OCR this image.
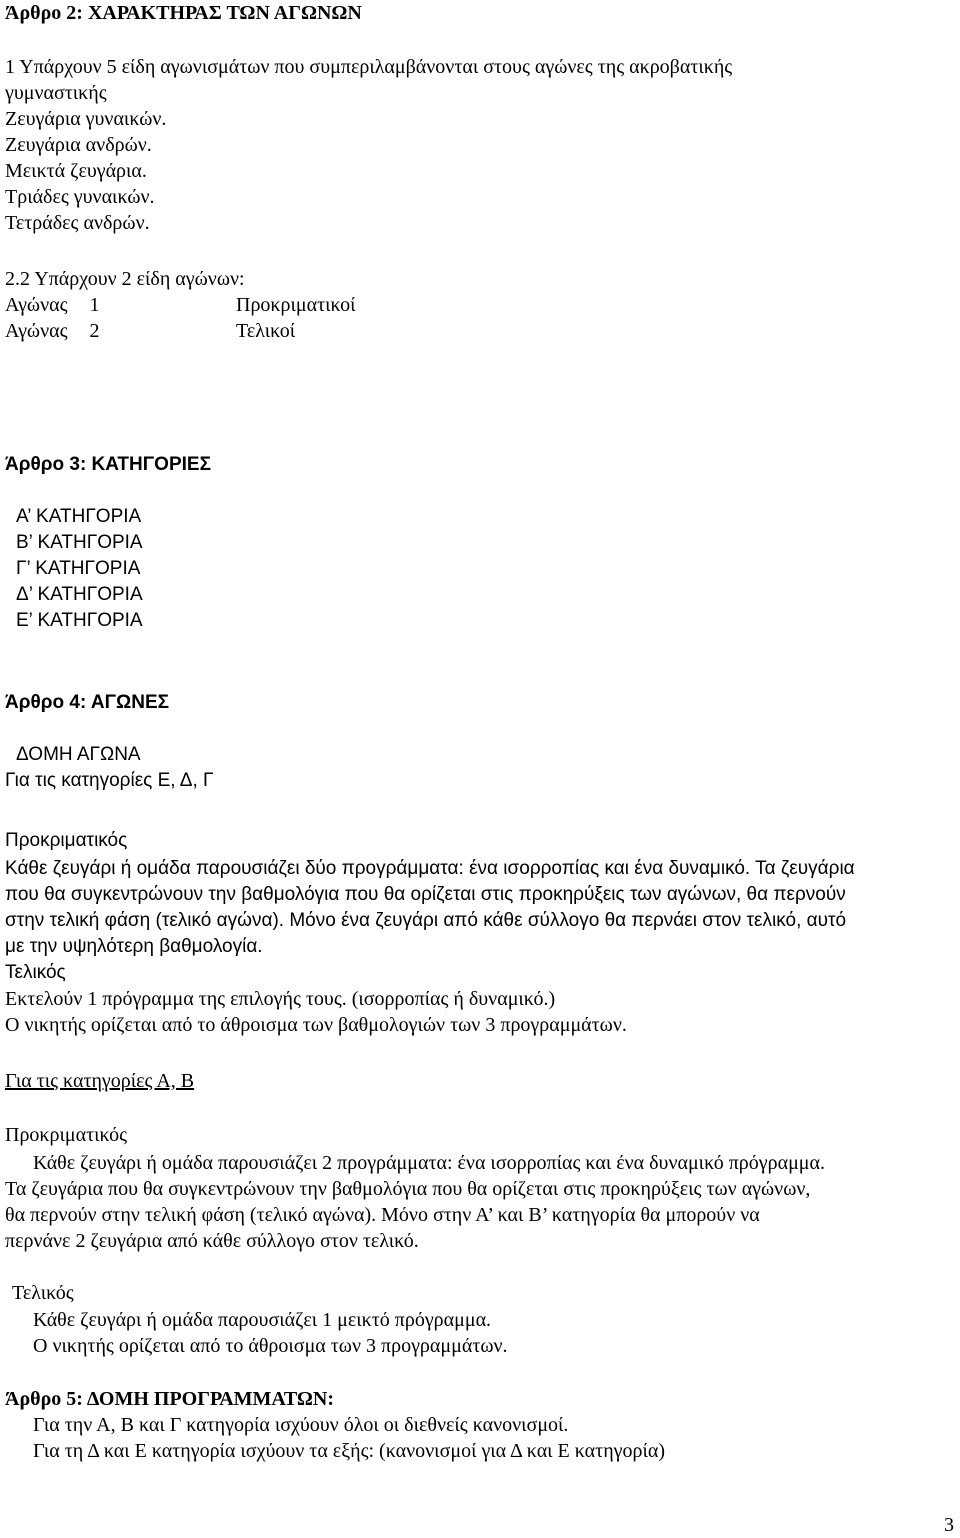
Άρθρο 2: ΧΑΡΑΚΤΗΡΑΣ ΤΩΝ ΑΓΩΝΩΝ
1 Υπάρχουν 5 είδη αγωνισμάτων που συμπεριλαμβάνονται στους αγώνες της ακροβατικής
γυμναστικής
Ζευγάρια γυναικών.
Ζευγάρια ανδρών.
Μεικτά ζευγάρια.
Τριάδες γυναικών.
Τετράδες ανδρών.
2.2 Υπάρχουν 2 είδη αγώνων:
Αγώνας 1	Προκριματικοί
Αγώνας 2	Τελικοί
Άρθρο 3: ΚΑΤΗΓΟΡΙΕΣ
Α’ ΚΑΤΗΓΟΡΙΑ
Β’ ΚΑΤΗΓΟΡΙΑ
Γ’ ΚΑΤΗΓΟΡΙΑ
Δ’ ΚΑΤΗΓΟΡΙΑ
Ε’ ΚΑΤΗΓΟΡΙΑ
Άρθρο 4: ΑΓΩΝΕΣ
ΔΟΜΗ ΑΓΩΝΑ
Για τις κατηγορίες Ε, Δ, Γ
Προκριματικός
Κάθε ζευγάρι ή ομάδα παρουσιάζει δύο προγράμματα: ένα ισορροπίας και ένα δυναμικό. Τα ζευγάρια
που θα συγκεντρώνουν την βαθμολόγια που θα ορίζεται στις προκηρύξεις των αγώνων, θα περνούν
στην τελική φάση (τελικό αγώνα). Μόνο ένα ζευγάρι από κάθε σύλλογο θα περνάει στον τελικό, αυτό
με την υψηλότερη βαθμολογία.
Τελικός
Εκτελούν 1 πρόγραμμα της επιλογής τους. (ισορροπίας ή δυναμικό.)
Ο νικητής ορίζεται από το άθροισμα των βαθμολογιών των 3 προγραμμάτων.
Για τις κατηγορίες Α, Β
Προκριματικός
Κάθε ζευγάρι ή ομάδα παρουσιάζει 2 προγράμματα: ένα ισορροπίας και ένα δυναμικό πρόγραμμα.
Τα ζευγάρια που θα συγκεντρώνουν την βαθμολόγια που θα ορίζεται στις προκηρύξεις των αγώνων,
θα περνούν στην τελική φάση (τελικό αγώνα). Μόνο στην Α’ και Β’ κατηγορία θα μπορούν να
περνάνε 2 ζευγάρια από κάθε σύλλογο στον τελικό.
Τελικός
Κάθε ζευγάρι ή ομάδα παρουσιάζει 1 μεικτό πρόγραμμα.
Ο νικητής ορίζεται από το άθροισμα των 3 προγραμμάτων.
Άρθρο 5: ΔΟΜΗ ΠΡΟΓΡΑΜΜΑΤΩΝ:
Για την Α, Β και Γ κατηγορία ισχύουν όλοι οι διεθνείς κανονισμοί.
Για τη Δ και Ε κατηγορία ισχύουν τα εξής: (κανονισμοί για Δ και Ε κατηγορία)
3
